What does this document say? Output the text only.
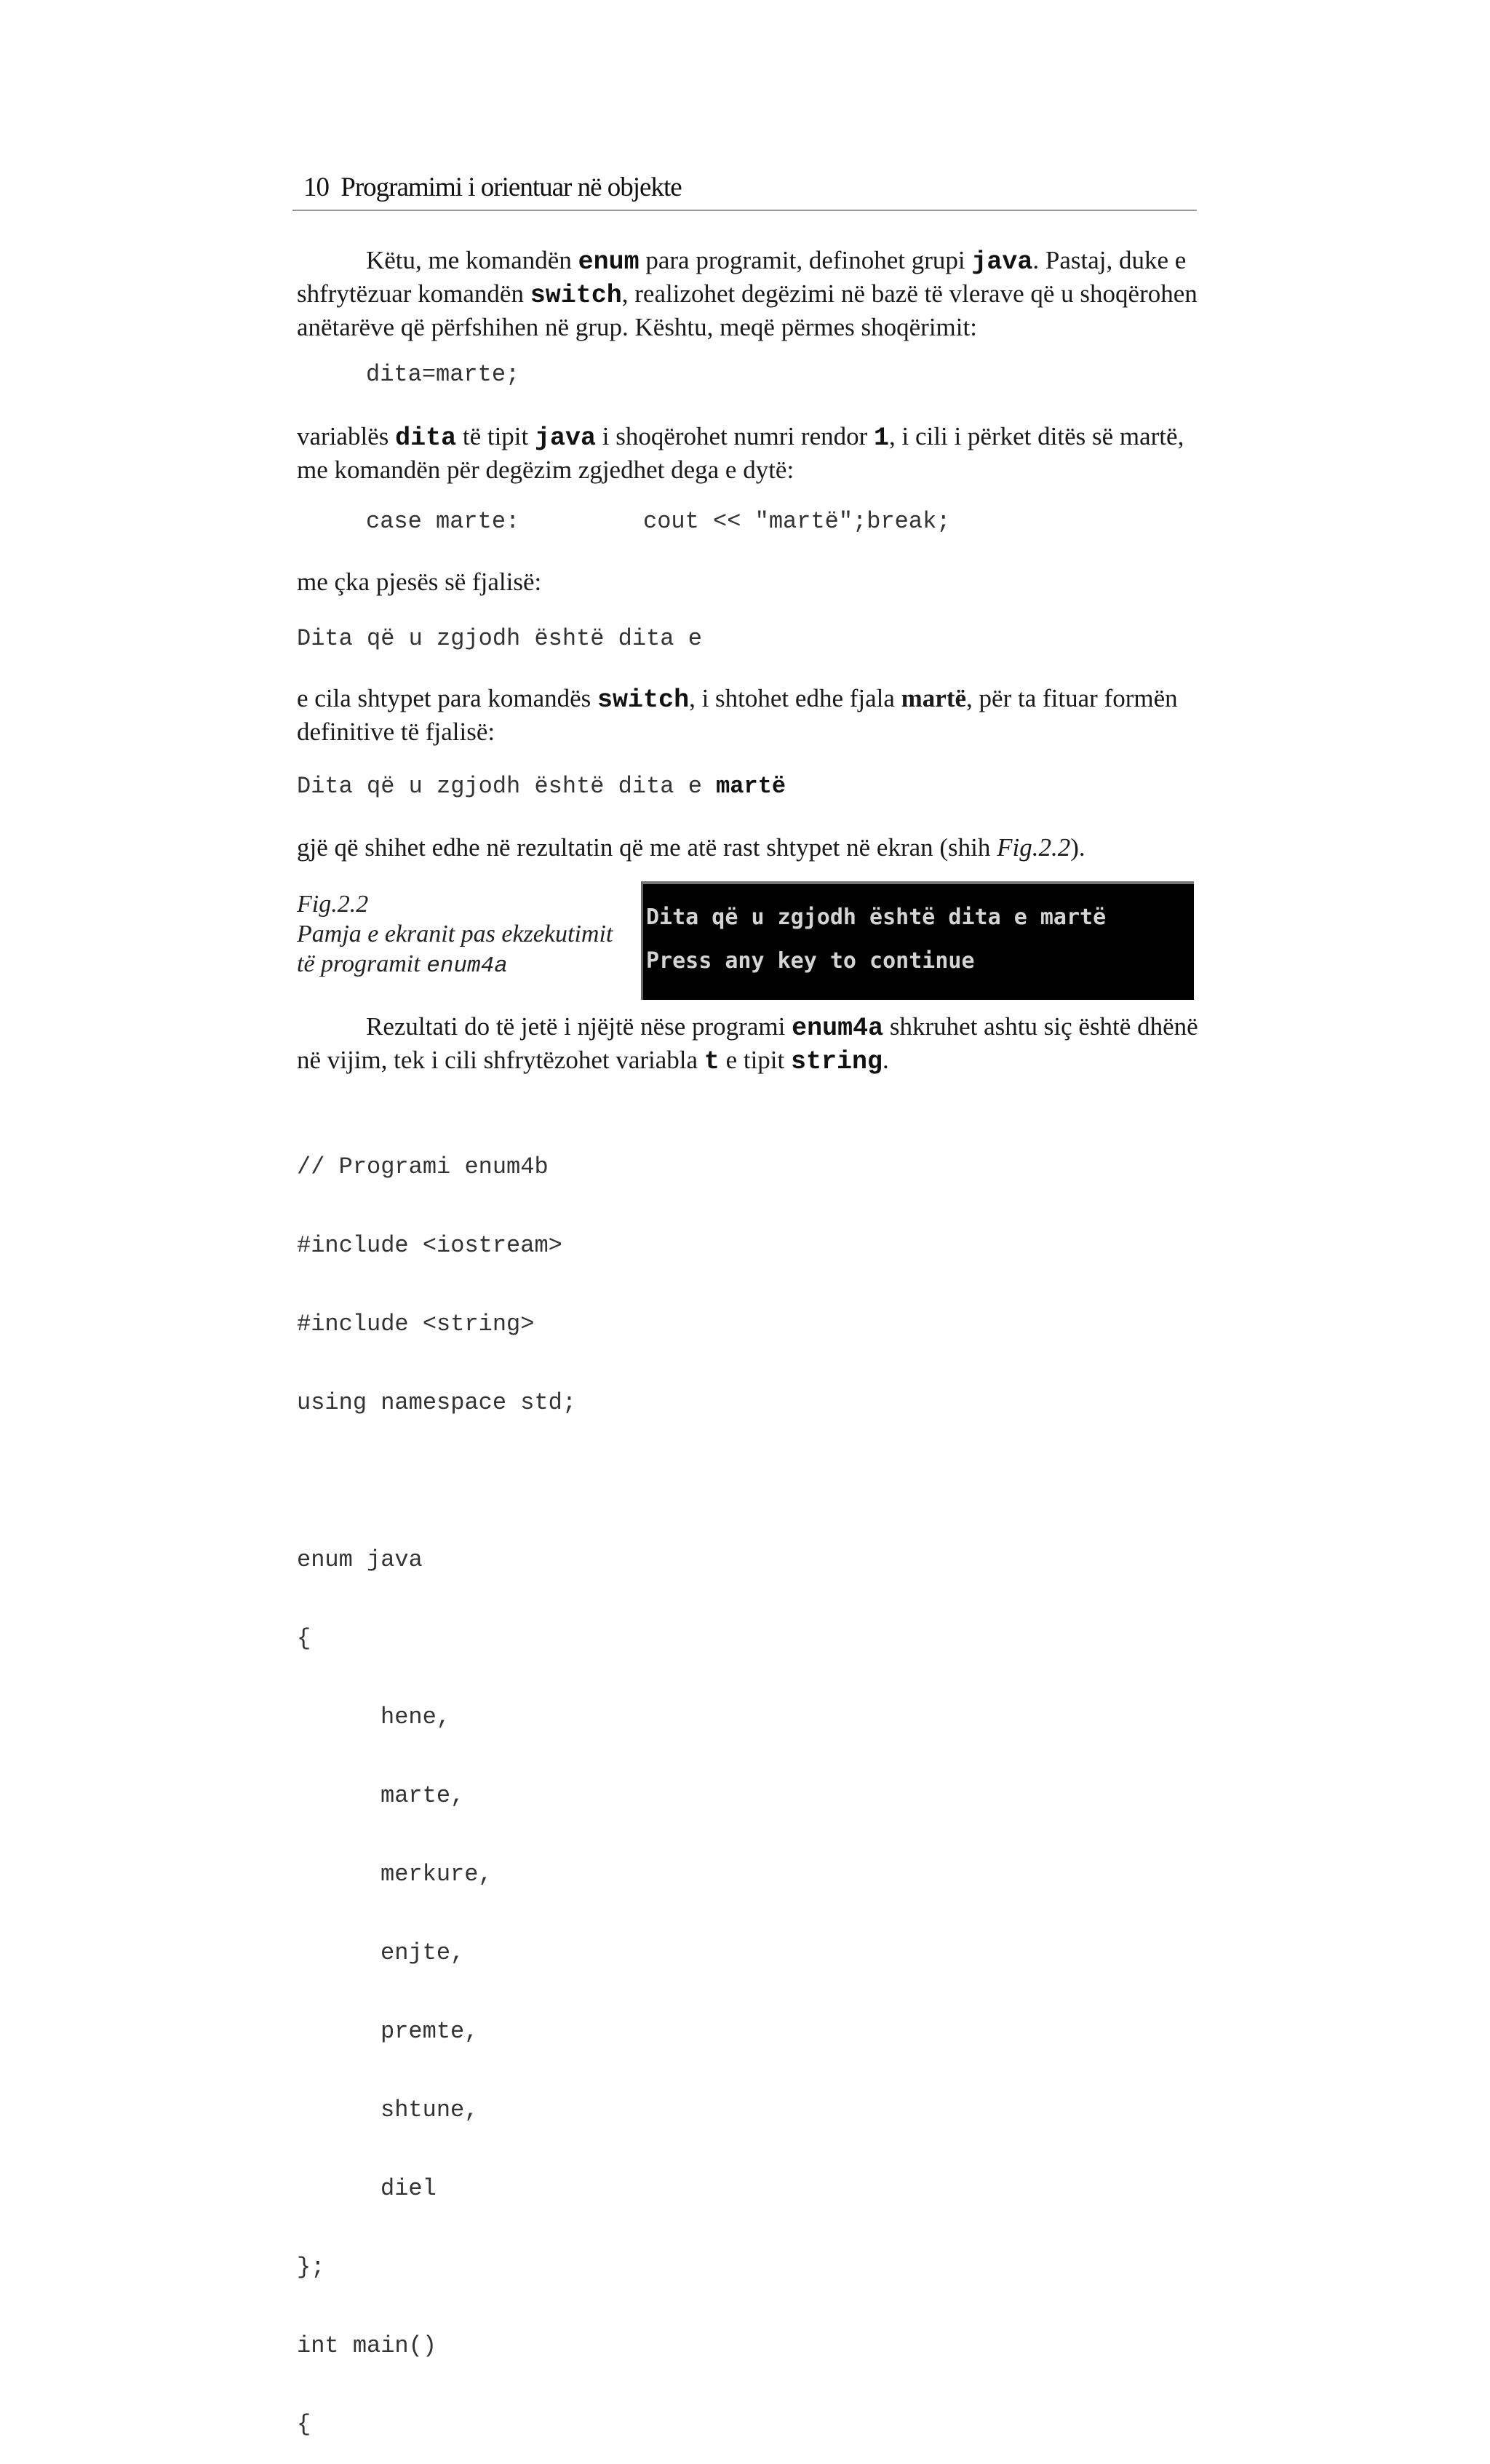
10 Programimi i orientuar në objekte
Këtu, me komandën enum para programit, definohet grupi java. Pastaj, duke e shfrytëzuar komandën switch, realizohet degëzimi në bazë të vlerave që u shoqërohen anëtarëve që përfshihen në grup. Kështu, meqë përmes shoqërimit:
dita=marte;
variablës dita të tipit java i shoqërohet numri rendor 1, i cili i përket ditës së martë, me komandën për degëzim zgjedhet dega e dytë:
case marte:	cout << "martë";break;
me çka pjesës së fjalisë:
Dita që u zgjodh është dita e
e cila shtypet para komandës switch, i shtohet edhe fjala martë, për ta fituar formën definitive të fjalisë:
Dita që u zgjodh është dita e martë
gjë që shihet edhe në rezultatin që me atë rast shtypet në ekran (shih Fig.2.2).
Fig.2.2
Pamja e ekranit pas ekzekutimit
të programit enum4a
Dita që u zgjodh është dita e martë
Press any key to continue
Rezultati do të jetë i njëjtë nëse programi enum4a shkruhet ashtu siç është dhënë në vijim, tek i cili shfrytëzohet variabla t e tipit string.

// Programi enum4b

#include <iostream>

#include <string>

using namespace std;

enum java

{

hene,

marte,

merkure,

enjte,

premte,

shtune,

diel

};

int main()

{
